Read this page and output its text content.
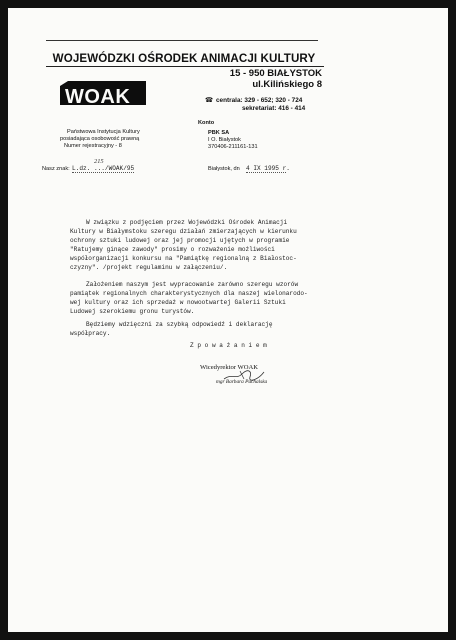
WOJEWÓDZKI OŚRODEK ANIMACJI KULTURY
15 - 950 BIAŁYSTOK
ul.Kilińskiego 8
WOAK	☎ centrala: 329 - 652; 320 - 724
sekretariat: 416 - 414
Konto
Państwowa Instytucja Kultury
posiadająca osobowość prawną
Numer rejestracyjny - 8
PBK SA
I O. Białystok
370406-211161-131
Nasz znak: L.dz. .../WOAK/95
215
Białystok, dn 4 IX 1995 r.
W związku z podjęciem przez Wojewódzki Ośrodek Animacji
Kultury w Białymstoku szeregu działań zmierzających w kierunku
ochrony sztuki ludowej oraz jej promocji ujętych w programie
"Ratujemy ginące zawody" prosimy o rozważenie możliwości
współorganizacji konkursu na "Pamiątkę regionalną z Białostoc-
czyzny". /projekt regulaminu w załączeniu/.
Założeniem naszym jest wypracowanie zarówno szeregu wzorów
pamiątek regionalnych charakterystycznych dla naszej wielonarodo-
wej kultury oraz ich sprzedaż w nowootwartej Galerii Sztuki
Ludowej szerokiemu gronu turystów.
Będziemy wdzięczni za szybką odpowiedź i deklarację
współpracy.
Z p o w a ż a n i e m
Wicedyrektor WOAK
mgr Barbara Puchalska
